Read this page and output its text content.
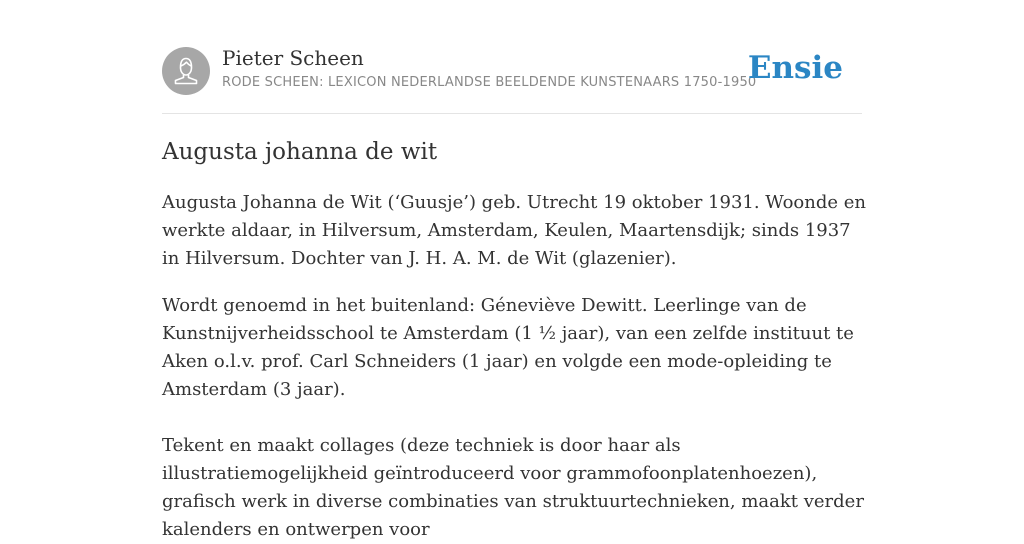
Pieter Scheen
RODE SCHEEN: LEXICON NEDERLANDSE BEELDENDE KUNSTENAARS 1750-1950
Ensie
Augusta johanna de wit

Augusta Johanna de Wit (‘Guusje’) geb. Utrecht 19 oktober 1931. Woonde en werkte aldaar, in Hilversum, Amsterdam, Keulen, Maartensdijk; sinds 1937 in Hilversum. Dochter van J. H. A. M. de Wit (glazenier).

Wordt genoemd in het buitenland: Géneviève Dewitt. Leerlinge van de Kunstnijverheidsschool te Amsterdam (1 ½ jaar), van een zelfde instituut te Aken o.l.v. prof. Carl Schneiders (1 jaar) en volgde een mode-opleiding te Amsterdam (3 jaar).

Tekent en maakt collages (deze techniek is door haar als illustratiemogelijkheid geïntroduceerd voor grammofoonplatenhoezen), grafisch werk in diverse combinaties van struktuurtechnieken, maakt verder kalenders en ontwerpen voor
